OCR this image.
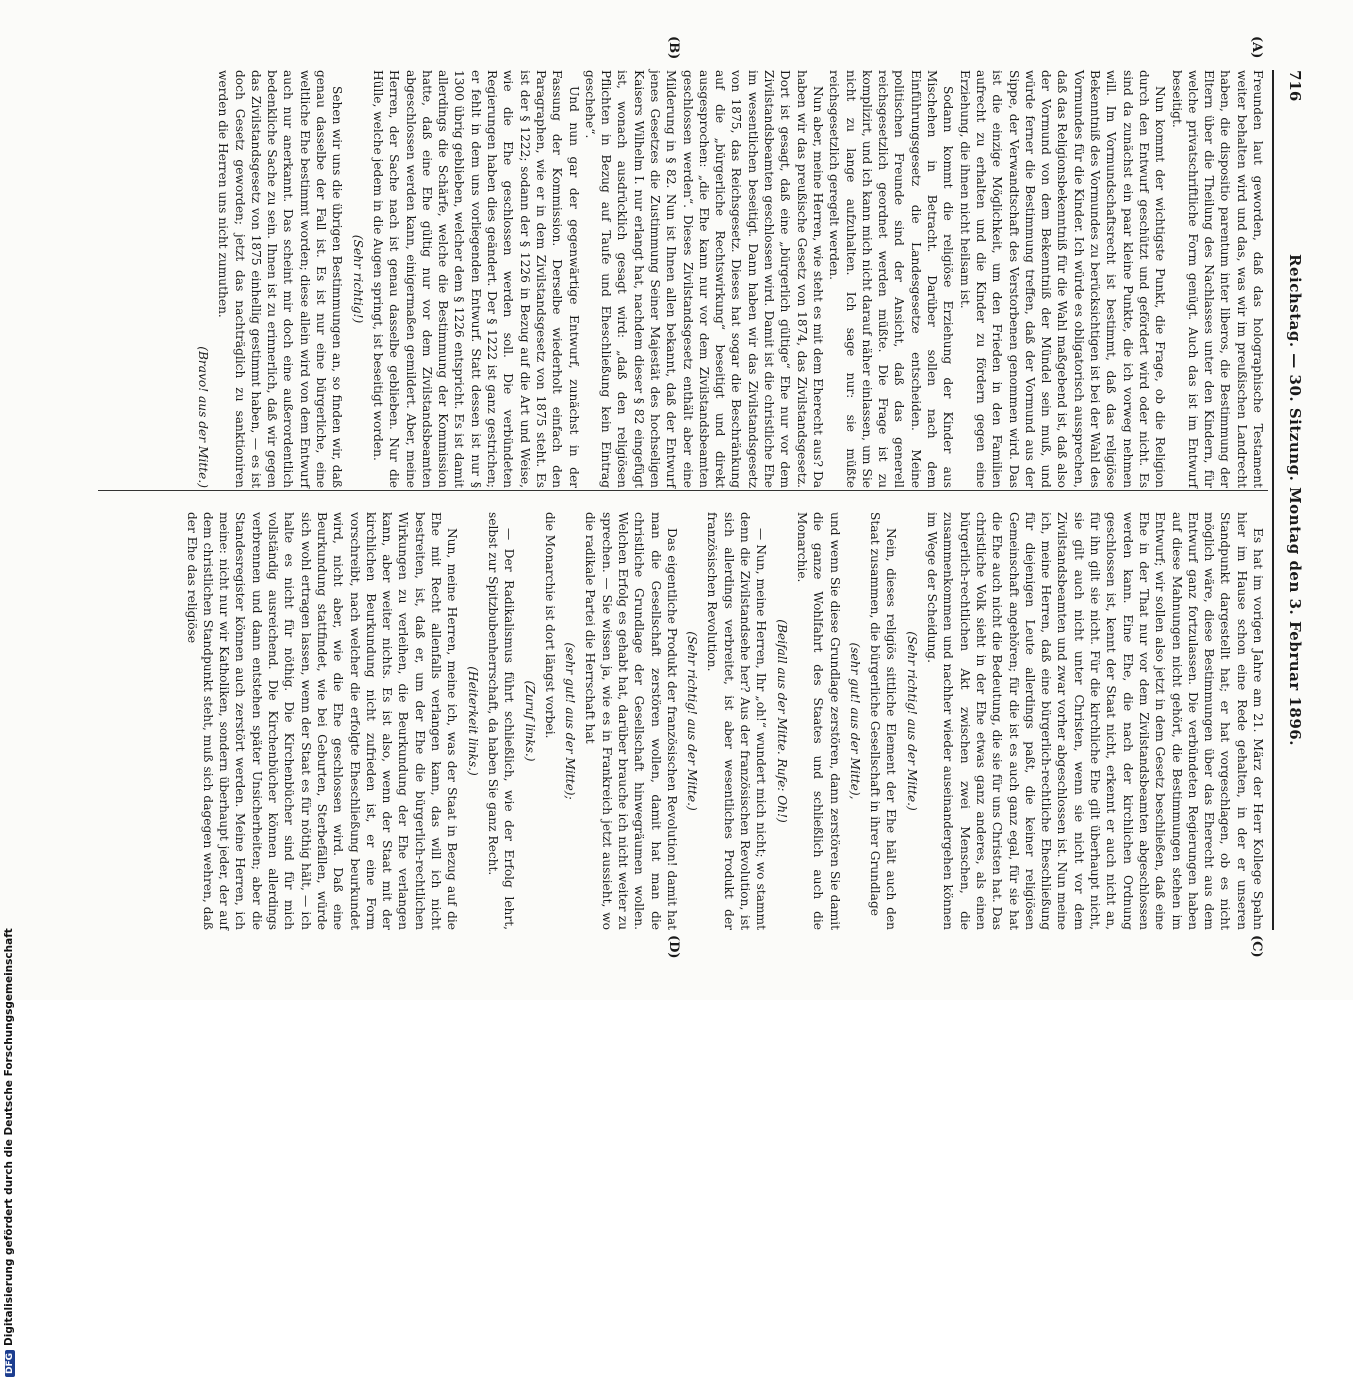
716
Reichstag. — 30. Sitzung. Montag den 3. Februar 1896.
(A)
(B)
(C)
(D)

Freunden laut geworden, daß das holographische Testament weiter behalten wird und das, was wir im preußischen Landrecht haben, die dispositio parentum inter liberos, die Bestimmung der Eltern über die Theilung des Nachlasses unter den Kindern, für welche privatschriftliche Form genügt. Auch das ist im Entwurf beseitigt.

Nun kommt der wichtigste Punkt, die Frage, ob die Religion durch den Entwurf geschützt und gefördert wird oder nicht. Es sind da zunächst ein paar kleine Punkte, die ich vorweg nehmen will. Im Vormundschaftsrecht ist bestimmt, daß das religiöse Bekenntniß des Vormundes zu berücksichtigen ist bei der Wahl des Vormundes für die Kinder. Ich würde es obligatorisch aussprechen, daß das Religionsbekenntniß für die Wahl maßgebend ist, daß also der Vormund von dem Bekenntniß der Mündel sein muß, und würde ferner die Bestimmung treffen, daß der Vormund aus der Sippe, der Verwandtschaft des Verstorbenen genommen wird. Das ist die einzige Möglichkeit, um den Frieden in den Familien aufrecht zu erhalten und die Kinder zu fördern gegen eine Erziehung, die ihnen nicht heilsam ist.

Sodann kommt die religiöse Erziehung der Kinder aus Mischehen in Betracht. Darüber sollen nach dem Einführungsgesetz die Landesgesetze entscheiden. Meine politischen Freunde sind der Ansicht, daß das generell reichsgesetzlich geordnet werden müßte. Die Frage ist zu komplizirt, und ich kann mich nicht darauf näher einlassen, um Sie nicht zu lange aufzuhalten. Ich sage nur: sie müßte reichsgesetzlich geregelt werden.

Nun aber, meine Herren, wie steht es mit dem Eherecht aus? Da haben wir das preußische Gesetz von 1874, das Zivilstandsgesetz. Dort ist gesagt, daß eine „bürgerlich gültige“ Ehe nur vor dem Zivilstandsbeamten geschlossen wird. Damit ist die christliche Ehe im wesentlichen beseitigt. Dann haben wir das Zivilstandsgesetz von 1875, das Reichsgesetz. Dieses hat sogar die Beschränkung auf die „bürgerliche Rechtswirkung“ beseitigt und direkt ausgesprochen: „die Ehe kann nur vor dem Zivilstandsbeamten geschlossen werden“. Dieses Zivilstandsgesetz enthält aber eine Milderung in § 82. Nun ist Ihnen allen bekannt, daß der Entwurf jenes Gesetzes die Zustimmung Seiner Majestät des hochseligen Kaisers Wilhelm I. nur erlangt hat, nachdem dieser § 82 eingefügt ist, wonach ausdrücklich gesagt wird: „daß den religiösen Pflichten in Bezug auf Taufe und Eheschließung kein Eintrag geschehe“.

Und nun gar der gegenwärtige Entwurf, zunächst in der Fassung der Kommission. Derselbe wiederholt einfach den Paragraphen, wie er in dem Zivilstandsgesetz von 1875 steht. Es ist der § 1222; sodann der § 1226 in Bezug auf die Art und Weise, wie die Ehe geschlossen werden soll. Die verbündeten Regierungen haben dies geändert. Der § 1222 ist ganz gestrichen; er fehlt in dem uns vorliegenden Entwurf. Statt dessen ist nur § 1300 übrig geblieben, welcher dem § 1226 entspricht. Es ist damit allerdings die Schärfe, welche die Bestimmung der Kommission hatte, daß eine Ehe gültig nur vor dem Zivilstandsbeamten abgeschlossen werden kann, einigermaßen gemildert. Aber, meine Herren, der Sache nach ist genau dasselbe geblieben. Nur die Hülle, welche jedem in die Augen springt, ist beseitigt worden.

(Sehr richtig!)

Sehen wir uns die übrigen Bestimmungen an, so finden wir, daß genau dasselbe der Fall ist. Es ist nur eine bürgerliche, eine weltliche Ehe bestimmt worden; diese allein wird von dem Entwurf auch nur anerkannt. Das scheint mir doch eine außerordentlich bedenkliche Sache zu sein. Ihnen ist zu erinnerlich, daß wir gegen das Zivilstandsgesetz von 1875 einhellig gestimmt haben, — es ist doch Gesetz geworden; jetzt das nachträglich zu sanktioniren werden die Herren uns nicht zumuthen.

(Bravo! aus der Mitte.)

Es hat im vorigen Jahre am 21. März der Herr Kollege Spahn hier im Hause schon eine Rede gehalten, in der er unseren Standpunkt dargestellt hat; er hat vorgeschlagen, ob es nicht möglich wäre, diese Bestimmungen über das Eherecht aus dem Entwurf ganz fortzulassen. Die verbündeten Regierungen haben auf diese Mahnungen nicht gehört, die Bestimmungen stehen im Entwurf; wir sollen also jetzt in dem Gesetz beschließen, daß eine Ehe in der That nur vor dem Zivilstandsbeamten abgeschlossen werden kann. Eine Ehe, die nach der kirchlichen Ordnung geschlossen ist, kennt der Staat nicht, erkennt er auch nicht an, für ihn gilt sie nicht. Für die kirchliche Ehe gilt überhaupt nicht, sie gilt auch nicht unter Christen, wenn sie nicht vor dem Zivilstandsbeamten und zwar vorher abgeschlossen ist. Nun meine ich, meine Herren, daß eine bürgerlich-rechtliche Eheschließung für diejenigen Leute allerdings paßt, die keiner religiösen Gemeinschaft angehören; für die ist es auch ganz egal, für sie hat die Ehe auch nicht die Bedeutung, die sie für uns Christen hat. Das christliche Volk sieht in der Ehe etwas ganz anderes, als einen bürgerlich-rechtlichen Akt zwischen zwei Menschen, die zusammenkommen und nachher wieder auseinandergehen können im Wege der Scheidung.

(Sehr richtig! aus der Mitte.)

Nein, dieses religiös sittliche Element der Ehe hält auch den Staat zusammen, die bürgerliche Gesellschaft in ihrer Grundlage

(sehr gut! aus der Mitte),

und wenn Sie diese Grundlage zerstören, dann zerstören Sie damit die ganze Wohlfahrt des Staates und schließlich auch die Monarchie.

(Beifall aus der Mitte. Rufe: Oh!)

— Nun, meine Herren, Ihr „oh!“ wundert mich nicht; wo stammt denn die Zivilstandsehe her? Aus der französischen Revolution, ist sich allerdings verbreitet, ist aber wesentliches Produkt der französischen Revolution.

(Sehr richtig! aus der Mitte.)

Das eigentliche Produkt der französischen Revolution! damit hat man die Gesellschaft zerstören wollen, damit hat man die christliche Grundlage der Gesellschaft hinwegräumen wollen. Welchen Erfolg es gehabt hat, darüber brauche ich nicht weiter zu sprechen. — Sie wissen ja, wie es in Frankreich jetzt aussieht, wo die radikale Partei die Herrschaft hat

(sehr gut! aus der Mitte);

die Monarchie ist dort längst vorbei.

(Zuruf links.)

— Der Radikalismus führt schließlich, wie der Erfolg lehrt, selbst zur Spitzbubenherrschaft, da haben Sie ganz Recht.

(Heiterkeit links.)

Nun, meine Herren, meine ich, was der Staat in Bezug auf die Ehe mit Recht allenfalls verlangen kann, das will ich nicht bestreiten, ist, daß er, um der Ehe die bürgerlich-rechtlichen Wirkungen zu verleihen, die Beurkundung der Ehe verlangen kann, aber weiter nichts. Es ist also, wenn der Staat mit der kirchlichen Beurkundung nicht zufrieden ist, er eine Form vorschreibt, nach welcher die erfolgte Eheschließung beurkundet wird, nicht aber, wie die Ehe geschlossen wird. Daß eine Beurkundung stattfindet, wie bei Geburten, Sterbefällen, würde sich wohl ertragen lassen, wenn der Staat es für nöthig hält, — ich halte es nicht für nöthig. Die Kirchenbücher sind für mich vollständig ausreichend. Die Kirchenbücher können allerdings verbrennen und dann entstehen später Unsicherheiten; aber die Standesregister können auch zerstört werden. Meine Herren, ich meine: nicht nur wir Katholiken, sondern überhaupt jeder, der auf dem christlichen Standpunkt steht, muß sich dagegen wehren, daß der Ehe das religiöse

DFGDigitalisierung gefördert durch die Deutsche Forschungsgemeinschaft
